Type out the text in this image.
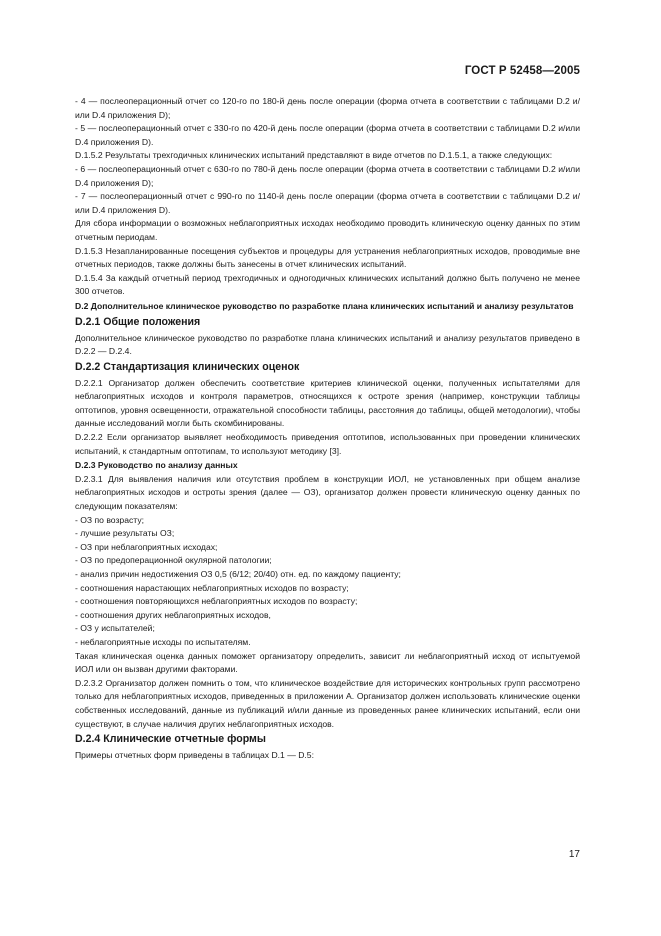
ГОСТ Р 52458—2005

- 4 — послеоперационный отчет со 120-го по 180-й день после операции (форма отчета в соответствии с таблицами D.2 и/или D.4 приложения D);

- 5 — послеоперационный отчет с 330-го по 420-й день после операции (форма отчета в соответствии с таблицами D.2 и/или D.4 приложения D).

D.1.5.2 Результаты трехгодичных клинических испытаний представляют в виде отчетов по D.1.5.1, а также следующих:

- 6 — послеоперационный отчет с 630-го по 780-й день после операции (форма отчета в соответствии с таблицами D.2 и/или D.4 приложения D);

- 7 — послеоперационный отчет с 990-го по 1140-й день после операции (форма отчета в соответствии с таблицами D.2 и/или D.4 приложения D).

Для сбора информации о возможных неблагоприятных исходах необходимо проводить клиническую оценку данных по этим отчетным периодам.

D.1.5.3 Незапланированные посещения субъектов и процедуры для устранения неблагоприятных исходов, проводимые вне отчетных периодов, также должны быть занесены в отчет клинических испытаний.

D.1.5.4 За каждый отчетный период трехгодичных и одногодичных клинических испытаний должно быть получено не менее 300 отчетов.

D.2 Дополнительное клиническое руководство по разработке плана клинических испытаний и анализу результатов

D.2.1 Общие положения

Дополнительное клиническое руководство по разработке плана клинических испытаний и анализу результатов приведено в D.2.2 — D.2.4.

D.2.2 Стандартизация клинических оценок

D.2.2.1 Организатор должен обеспечить соответствие критериев клинической оценки, полученных испытателями для неблагоприятных исходов и контроля параметров, относящихся к остроте зрения (например, конструкции таблицы оптотипов, уровня освещенности, отражательной способности таблицы, расстояния до таблицы, общей методологии), чтобы данные исследований могли быть скомбинированы.

D.2.2.2 Если организатор выявляет необходимость приведения оптотипов, использованных при проведении клинических испытаний, к стандартным оптотипам, то используют методику [3].

D.2.3 Руководство по анализу данных

D.2.3.1 Для выявления наличия или отсутствия проблем в конструкции ИОЛ, не установленных при общем анализе неблагоприятных исходов и остроты зрения (далее — ОЗ), организатор должен провести клиническую оценку данных по следующим показателям:

- ОЗ по возрасту;

- лучшие результаты ОЗ;

- ОЗ при неблагоприятных исходах;

- ОЗ по предоперационной окулярной патологии;

- анализ причин недостижения ОЗ 0,5 (6/12; 20/40) отн. ед. по каждому пациенту;

- соотношения нарастающих неблагоприятных исходов по возрасту;

- соотношения повторяющихся неблагоприятных исходов по возрасту;

- соотношения других неблагоприятных исходов,

- ОЗ у испытателей;

- неблагоприятные исходы по испытателям.

Такая клиническая оценка данных поможет организатору определить, зависит ли неблагоприятный исход от испытуемой ИОЛ или он вызван другими факторами.

D.2.3.2 Организатор должен помнить о том, что клиническое воздействие для исторических контрольных групп рассмотрено только для неблагоприятных исходов, приведенных в приложении А. Организатор должен использовать клинические оценки собственных исследований, данные из публикаций и/или данные из проведенных ранее клинических испытаний, если они существуют, в случае наличия других неблагоприятных исходов.

D.2.4 Клинические отчетные формы

Примеры отчетных форм приведены в таблицах D.1 — D.5:

17
